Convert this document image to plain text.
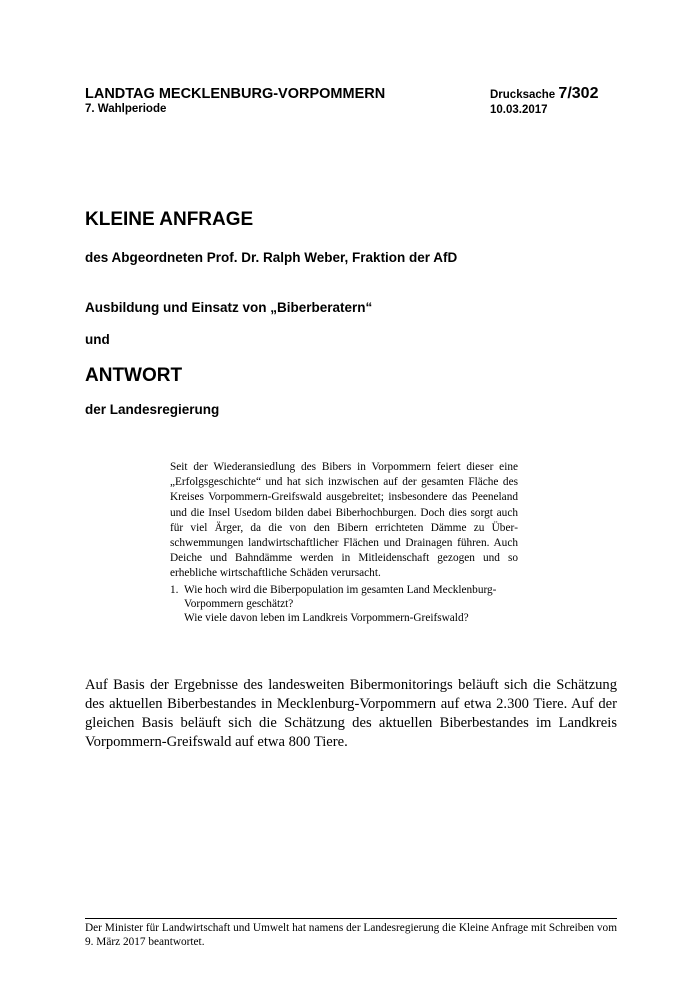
LANDTAG MECKLENBURG-VORPOMMERN
7. Wahlperiode
Drucksache 7/302
10.03.2017
KLEINE ANFRAGE
des Abgeordneten Prof. Dr. Ralph Weber, Fraktion der AfD
Ausbildung und Einsatz von „Biberberatern“
und
ANTWORT
der Landesregierung
Seit der Wiederansiedlung des Bibers in Vorpommern feiert dieser eine „Erfolgsgeschichte“ und hat sich inzwischen auf der gesamten Fläche des Kreises Vorpommern-Greifswald ausgebreitet; insbesondere das Peeneland und die Insel Usedom bilden dabei Biberhochburgen. Doch dies sorgt auch für viel Ärger, da die von den Bibern errichteten Dämme zu Überschwemmungen landwirtschaftlicher Flächen und Drainagen führen. Auch Deiche und Bahndämme werden in Mitleidenschaft gezogen und so erhebliche wirtschaftliche Schäden verursacht.
1. Wie hoch wird die Biberpopulation im gesamten Land Mecklenburg-Vorpommern geschätzt?
Wie viele davon leben im Landkreis Vorpommern-Greifswald?
Auf Basis der Ergebnisse des landesweiten Bibermonitorings beläuft sich die Schätzung des aktuellen Biberbestandes in Mecklenburg-Vorpommern auf etwa 2.300 Tiere. Auf der gleichen Basis beläuft sich die Schätzung des aktuellen Biberbestandes im Landkreis Vorpommern-Greifswald auf etwa 800 Tiere.
Der Minister für Landwirtschaft und Umwelt hat namens der Landesregierung die Kleine Anfrage mit Schreiben vom 9. März 2017 beantwortet.
